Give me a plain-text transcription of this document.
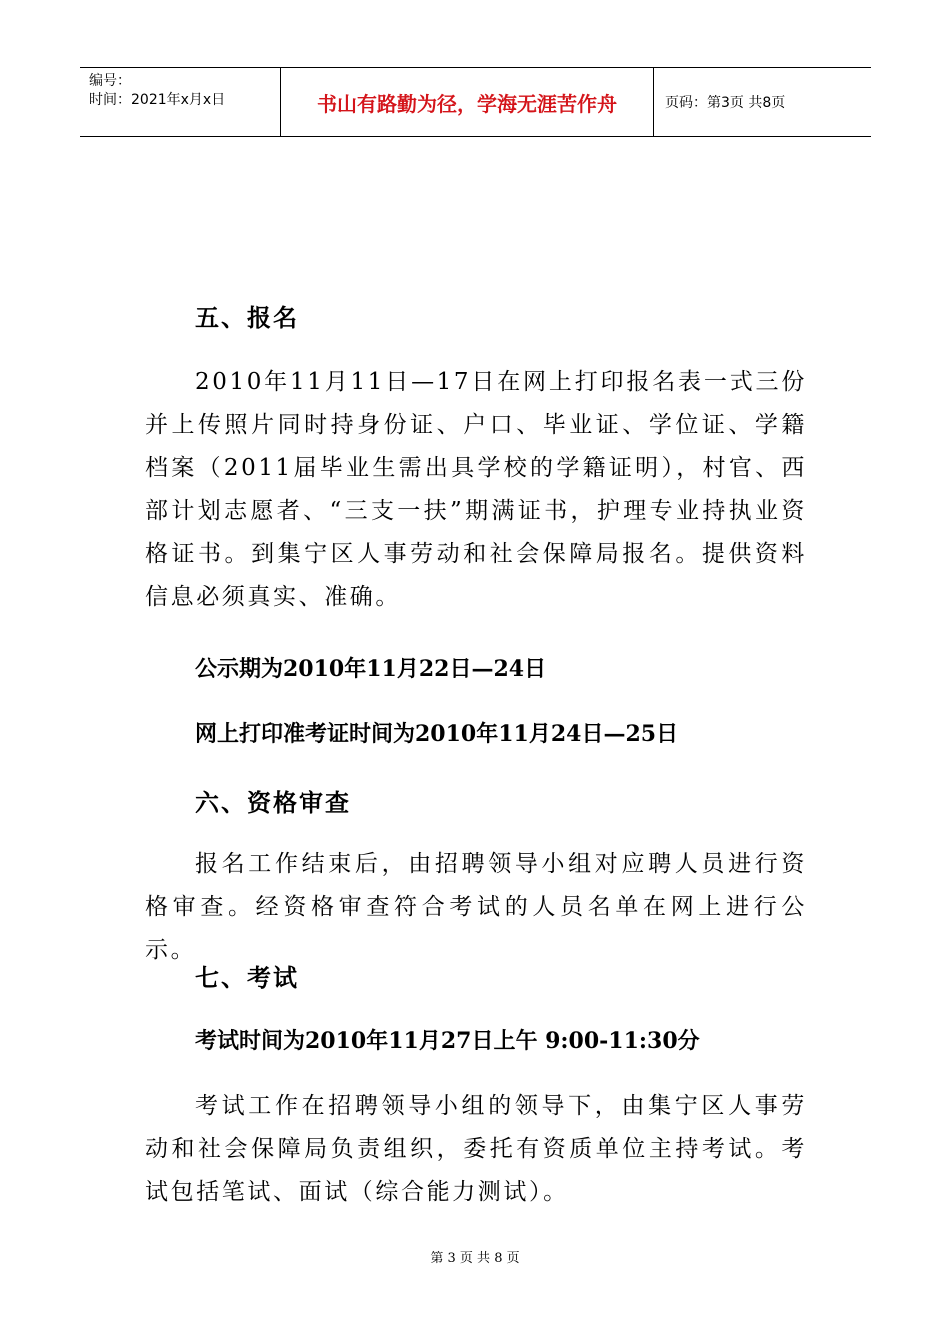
编号：
时间：2021年x月x日	书山有路勤为径，学海无涯苦作舟	页码：第3页 共8页
五、报名
2010年11月11日—17日在网上打印报名表一式三份并上传照片同时持身份证、户口、毕业证、学位证、学籍档案（2011届毕业生需出具学校的学籍证明），村官、西部计划志愿者、“三支一扶”期满证书，护理专业持执业资格证书。到集宁区人事劳动和社会保障局报名。提供资料信息必须真实、准确。
公示期为2010年11月22日—24日
网上打印准考证时间为2010年11月24日—25日
六、资格审查
报名工作结束后，由招聘领导小组对应聘人员进行资格审查。经资格审查符合考试的人员名单在网上进行公示。
七、考试
考试时间为2010年11月27日上午 9:00-11:30分
考试工作在招聘领导小组的领导下，由集宁区人事劳动和社会保障局负责组织，委托有资质单位主持考试。考试包括笔试、面试（综合能力测试）。
第 3 页 共 8 页
